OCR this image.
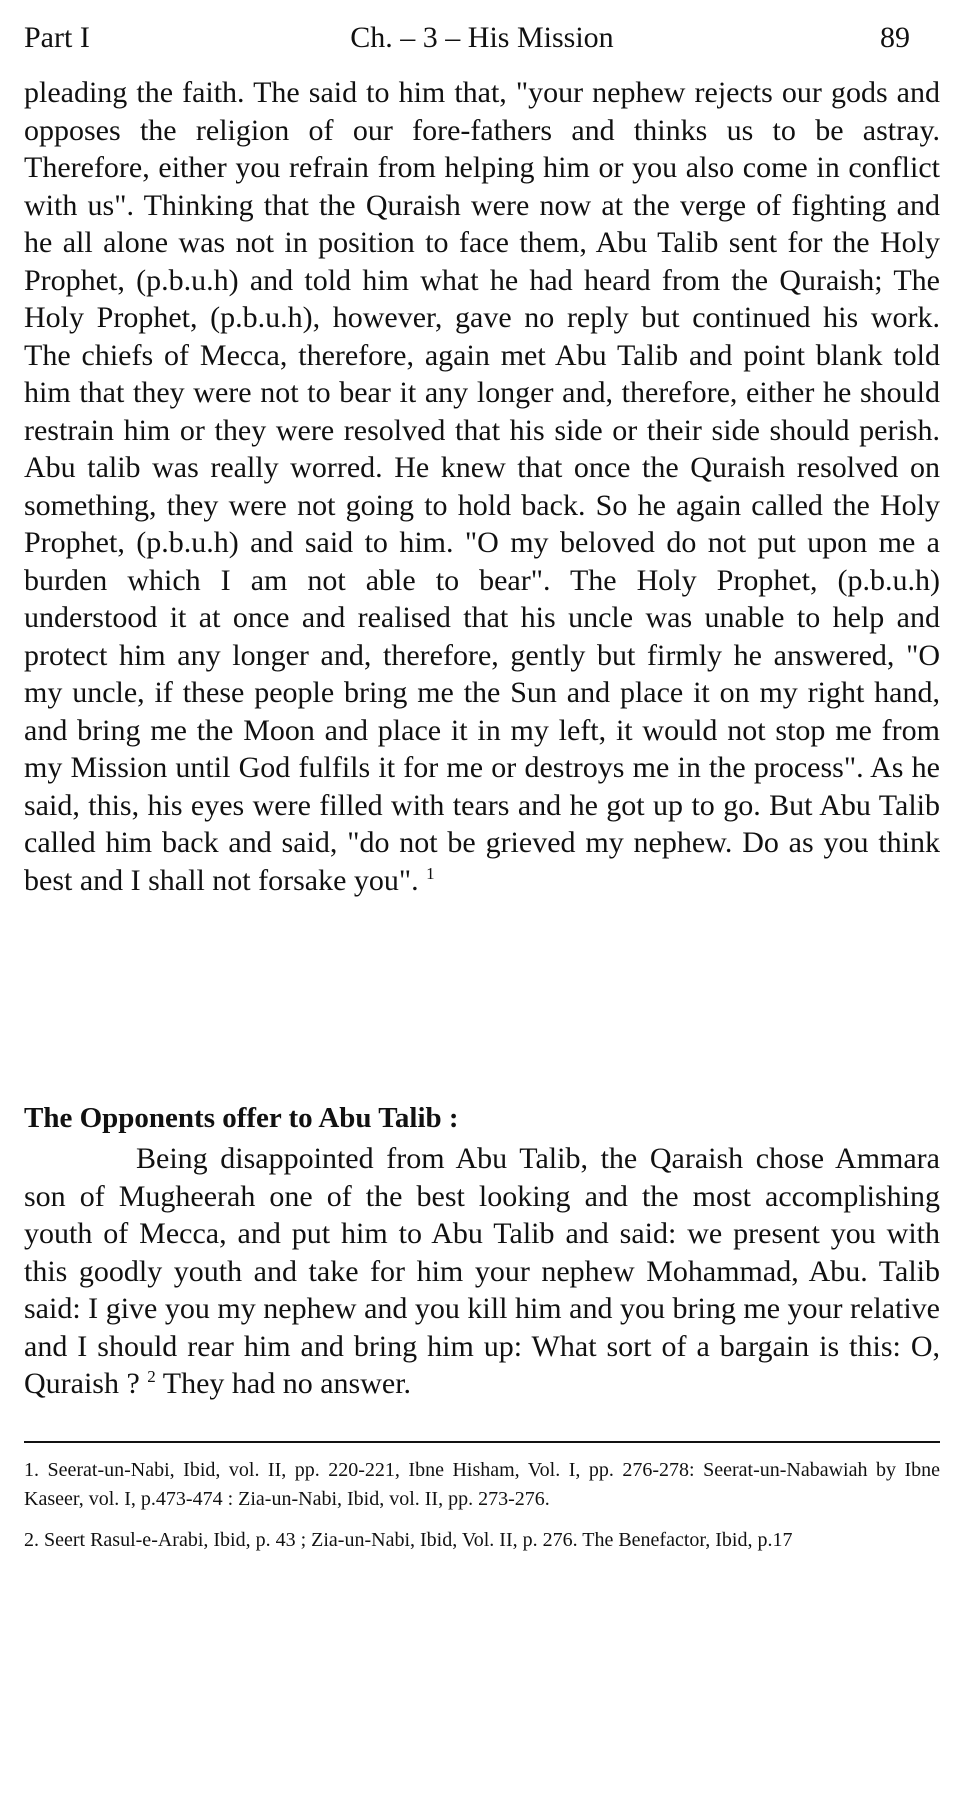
Part I	Ch. – 3 – His Mission	89

pleading the faith. The said to him that, "your nephew rejects our gods and opposes the religion of our fore-fathers and thinks us to be astray. Therefore, either you refrain from helping him or you also come in conflict with us". Thinking that the Quraish were now at the verge of fighting and he all alone was not in position to face them, Abu Talib sent for the Holy Prophet, (p.b.u.h) and told him what he had heard from the Quraish; The Holy Prophet, (p.b.u.h), however, gave no reply but continued his work. The chiefs of Mecca, therefore, again met Abu Talib and point blank told him that they were not to bear it any longer and, therefore, either he should restrain him or they were resolved that his side or their side should perish. Abu talib was really worred. He knew that once the Quraish resolved on something, they were not going to hold back. So he again called the Holy Prophet, (p.b.u.h) and said to him. "O my beloved do not put upon me a burden which I am not able to bear". The Holy Prophet, (p.b.u.h) understood it at once and realised that his uncle was unable to help and protect him any longer and, therefore, gently but firmly he answered, "O my uncle, if these people bring me the Sun and place it on my right hand, and bring me the Moon and place it in my left, it would not stop me from my Mission until God fulfils it for me or destroys me in the process". As he said, this, his eyes were filled with tears and he got up to go. But Abu Talib called him back and said, "do not be grieved my nephew. Do as you think best and I shall not forsake you". $^1$

The Opponents offer to Abu Talib :

Being disappointed from Abu Talib, the Qaraish chose Ammara son of Mugheerah one of the best looking and the most accomplishing youth of Mecca, and put him to Abu Talib and said: we present you with this goodly youth and take for him your nephew Mohammad, Abu. Talib said: I give you my nephew and you kill him and you bring me your relative and I should rear him and bring him up: What sort of a bargain is this: O, Quraish ? $^2$ They had no answer.

1. Seerat-un-Nabi, Ibid, vol. II, pp. 220-221, Ibne Hisham, Vol. I, pp. 276-278: Seerat-un-Nabawiah by Ibne Kaseer, vol. I, p.473-474 : Zia-un-Nabi, Ibid, vol. II, pp. 273-276.

2. Seert Rasul-e-Arabi, Ibid, p. 43 ; Zia-un-Nabi, Ibid, Vol. II, p. 276. The Benefactor, Ibid, p.17
